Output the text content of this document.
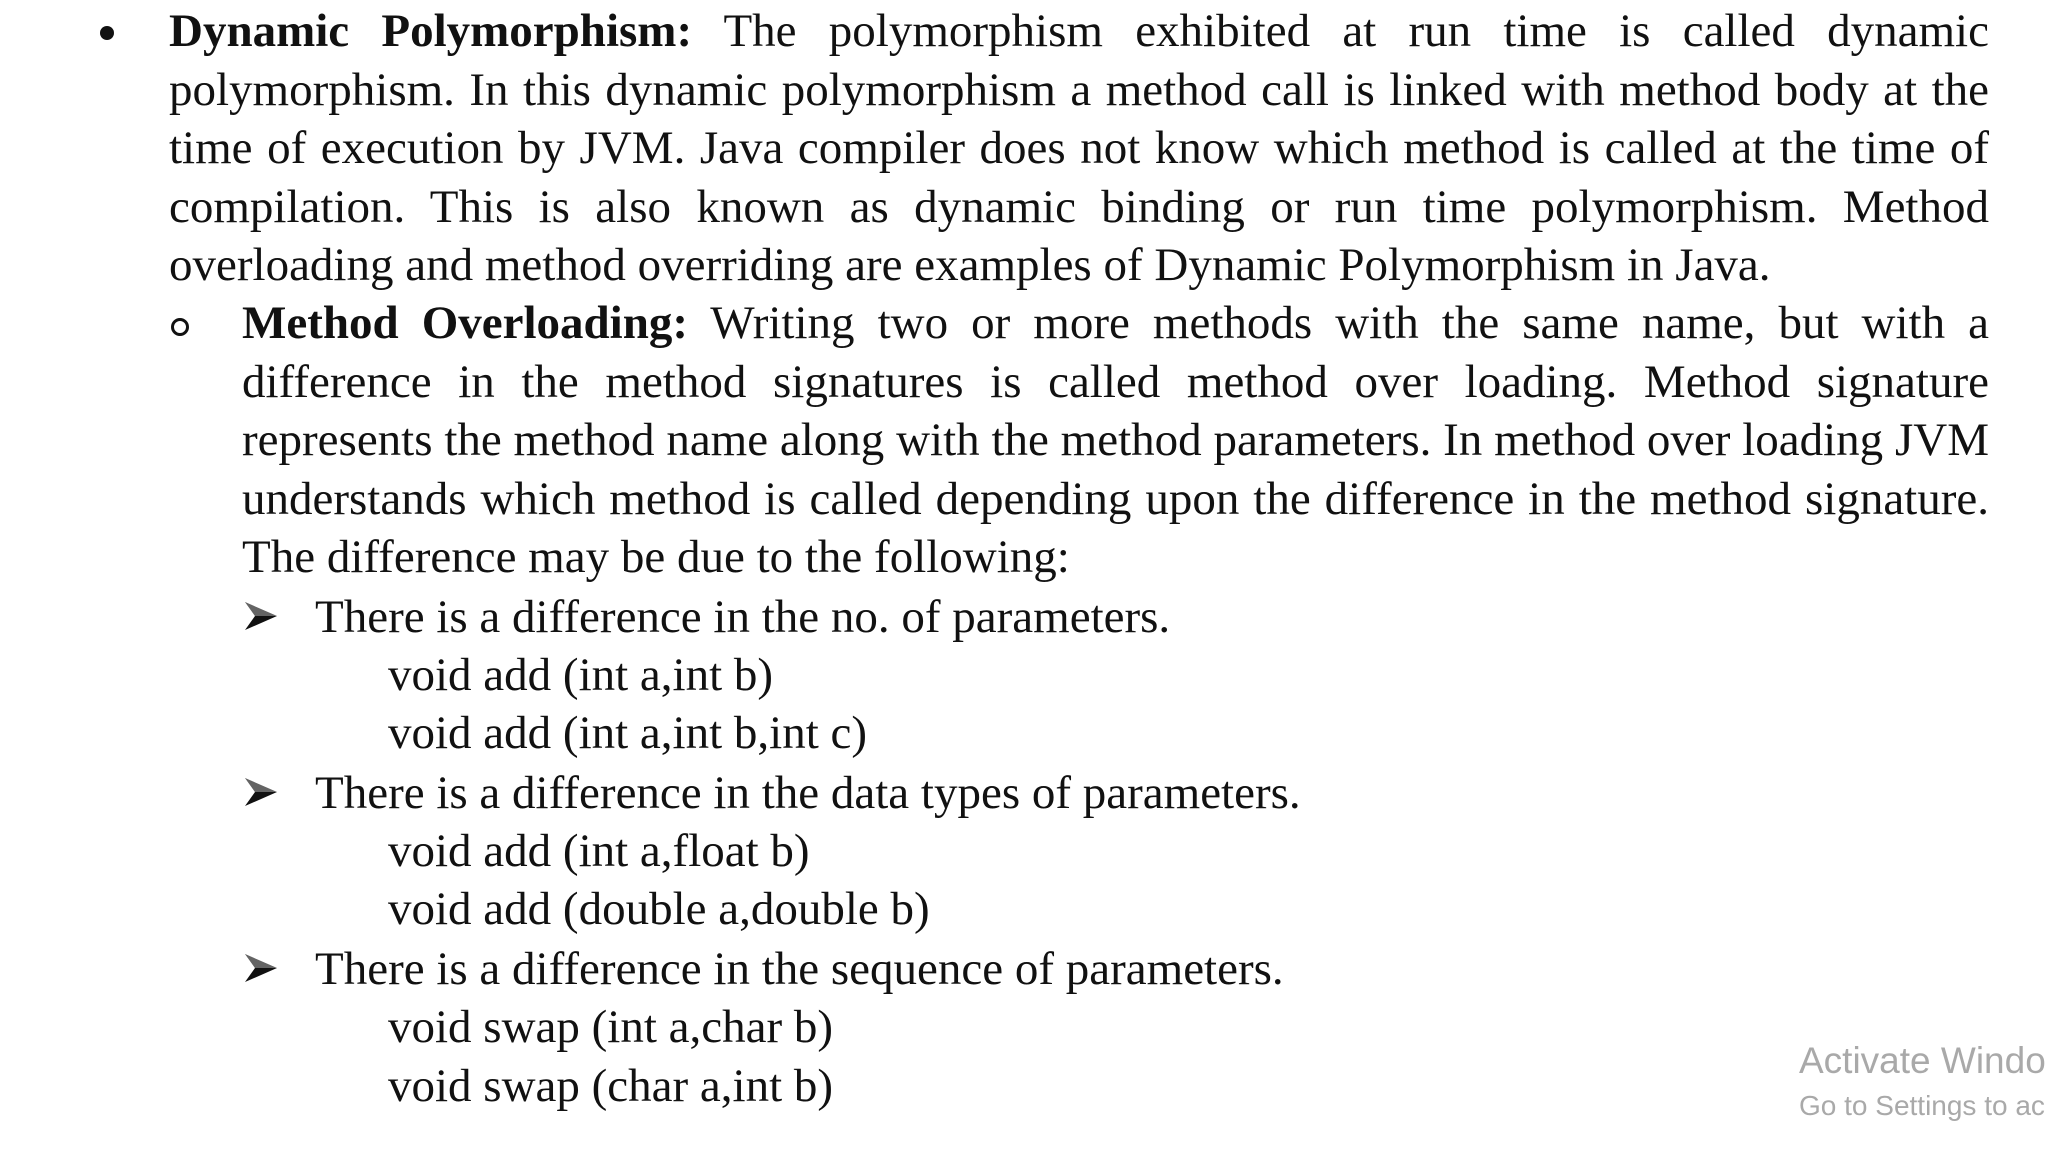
Dynamic Polymorphism: The polymorphism exhibited at run time is called dynamic polymorphism. In this dynamic polymorphism a method call is linked with method body at the time of execution by JVM. Java compiler does not know which method is called at the time of compilation. This is also known as dynamic binding or run time polymorphism. Method overloading and method overriding are examples of Dynamic Polymorphism in Java.
Method Overloading: Writing two or more methods with the same name, but with a difference in the method signatures is called method over loading. Method signature represents the method name along with the method parameters. In method over loading JVM understands which method is called depending upon the difference in the method signature. The difference may be due to the following:
There is a difference in the no. of parameters.
void add (int a,int b)
void add (int a,int b,int c)
There is a difference in the data types of parameters.
void add (int a,float b)
void add (double a,double b)
There is a difference in the sequence of parameters.
void swap (int a,char b)
void swap (char a,int b)	Activate Windo
Go to Settings to ac
